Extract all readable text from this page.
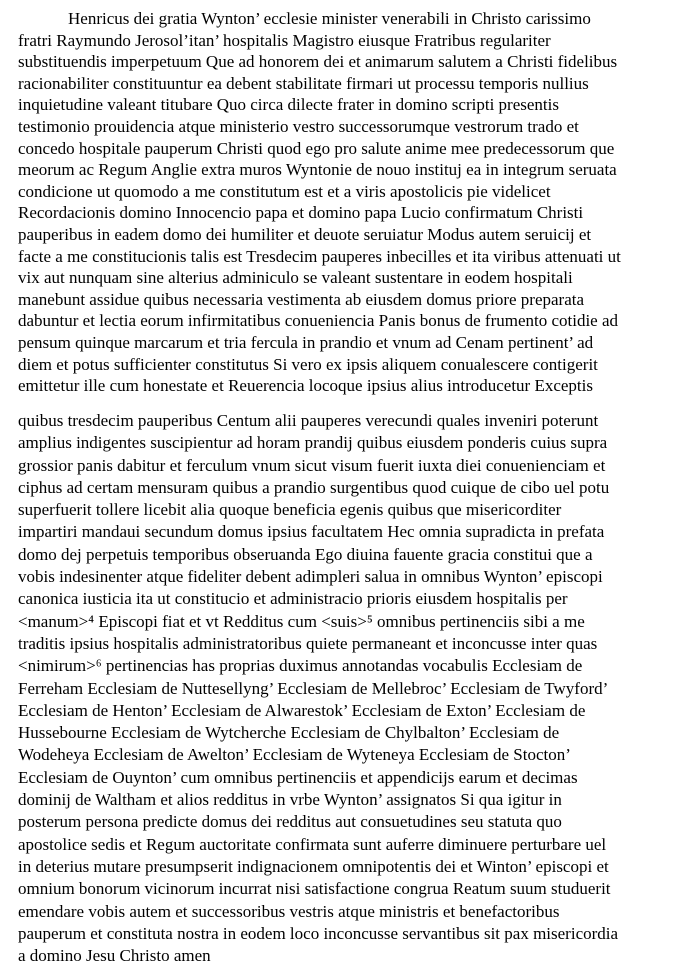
Henricus dei gratia Wynton’ ecclesie minister venerabili in Christo carissimo
fratri Raymundo Jerosol’itan’ hospitalis Magistro eiusque Fratribus regulariter
substituendis imperpetuum Que ad honorem dei et animarum salutem a Christi fidelibus
racionabiliter constituuntur ea debent stabilitate firmari ut processu temporis nullius
inquietudine valeant titubare Quo circa dilecte frater in domino scripti presentis
testimonio prouidencia atque ministerio vestro successorumque vestrorum trado et
concedo hospitale pauperum Christi quod ego pro salute anime mee predecessorum que
meorum ac Regum Anglie extra muros Wyntonie de nouo instituj ea in integrum seruata
condicione ut quomodo a me constitutum est et a viris apostolicis pie videlicet
Recordacionis domino Innocencio papa et domino papa Lucio confirmatum Christi
pauperibus in eadem domo dei humiliter et deuote seruiatur Modus autem seruicij et
facte a me constitucionis talis est Tresdecim pauperes inbecilles et ita viribus attenuati ut
vix aut nunquam sine alterius adminiculo se valeant sustentare in eodem hospitali
manebunt assidue quibus necessaria vestimenta ab eiusdem domus priore preparata
dabuntur et lectia eorum infirmitatibus conueniencia Panis bonus de frumento cotidie ad
pensum quinque marcarum et tria fercula in prandio et vnum ad Cenam pertinent’ ad
diem et potus sufficienter constitutus Si vero ex ipsis aliquem conualescere contigerit
emittetur ille cum honestate et Reuerencia locoque ipsius alius introducetur Exceptis
quibus tresdecim pauperibus Centum alii pauperes verecundi quales inveniri poterunt
amplius indigentes suscipientur ad horam prandij quibus eiusdem ponderis cuius supra
grossior panis dabitur et ferculum vnum sicut visum fuerit iuxta diei conuenienciam et
ciphus ad certam mensuram quibus a prandio surgentibus quod cuique de cibo uel potu
superfuerit tollere licebit alia quoque beneficia egenis quibus que misericorditer
impartiri mandaui secundum domus ipsius facultatem Hec omnia supradicta in prefata
domo dej perpetuis temporibus obseruanda Ego diuina fauente gracia constitui que a
vobis indesinenter atque fideliter debent adimpleri salua in omnibus Wynton’ episcopi
canonica iusticia ita ut constitucio et administracio prioris eiusdem hospitalis per
<manum>⁴ Episcopi fiat et vt Redditus cum <suis>⁵ omnibus pertinenciis sibi a me
traditis ipsius hospitalis administratoribus quiete permaneant et inconcusse inter quas
<nimirum>⁶ pertinencias has proprias duximus annotandas vocabulis Ecclesiam de
Ferreham Ecclesiam de Nuttesellyng’ Ecclesiam de Mellebroc’ Ecclesiam de Twyford’
Ecclesiam de Henton’ Ecclesiam de Alwarestok’ Ecclesiam de Exton’ Ecclesiam de
Hussebourne Ecclesiam de Wytcherche Ecclesiam de Chylbalton’ Ecclesiam de
Wodeheya Ecclesiam de Awelton’ Ecclesiam de Wyteneya Ecclesiam de Stocton’
Ecclesiam de Ouynton’ cum omnibus pertinenciis et appendicijs earum et decimas
dominij de Waltham et alios redditus in vrbe Wynton’ assignatos Si qua igitur in
posterum persona predicte domus dei redditus aut consuetudines seu statuta quo
apostolice sedis et Regum auctoritate confirmata sunt auferre diminuere perturbare uel
in deterius mutare presumpserit indignacionem omnipotentis dei et Winton’ episcopi et
omnium bonorum vicinorum incurrat nisi satisfactione congrua Reatum suum studuerit
emendare vobis autem et successoribus vestris atque ministris et benefactoribus
pauperum et constituta nostra in eodem loco inconcusse servantibus sit pax misericordia
a domino Jesu Christo amen
